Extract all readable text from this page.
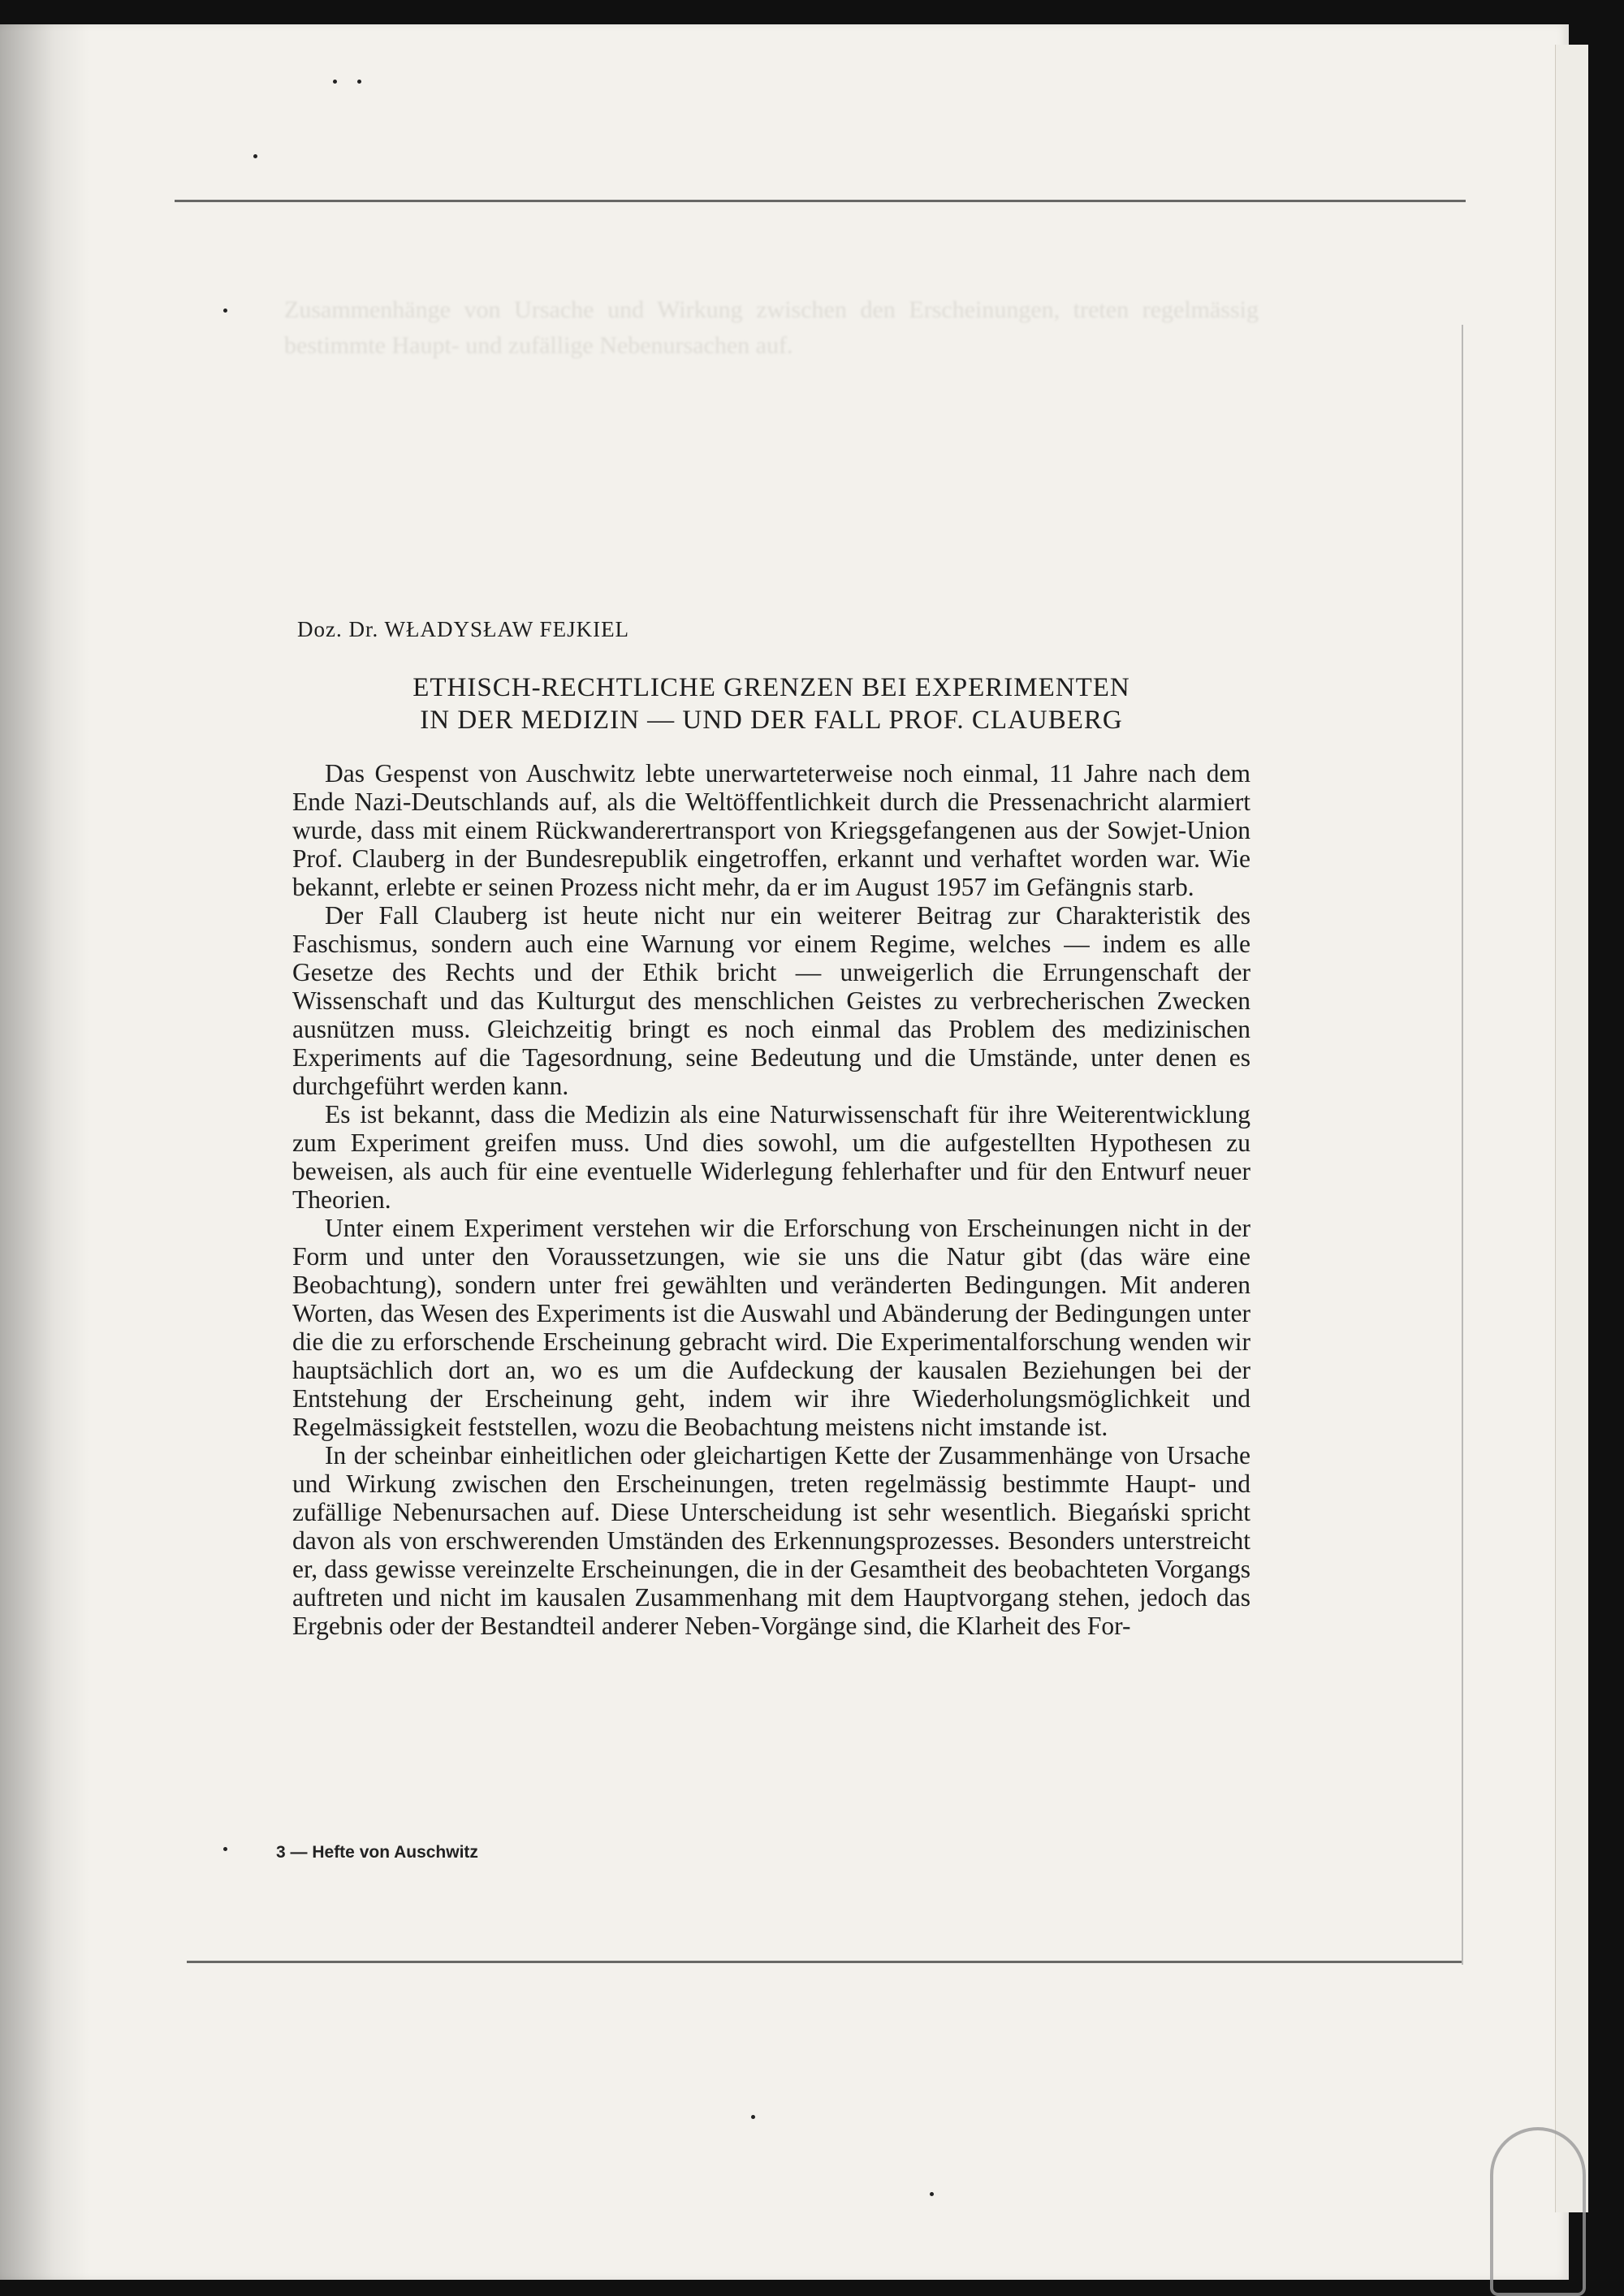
Zusammenhänge von Ursache und Wirkung zwischen den Erscheinungen, treten regelmässig bestimmte Haupt- und zufällige Nebenursachen auf.
Doz. Dr. WŁADYSŁAW FEJKIEL
ETHISCH-RECHTLICHE GRENZEN BEI EXPERIMENTEN
IN DER MEDIZIN — UND DER FALL PROF. CLAUBERG

Das Gespenst von Auschwitz lebte unerwarteterweise noch einmal, 11 Jahre nach dem Ende Nazi-Deutschlands auf, als die Weltöffentlichkeit durch die Pressenachricht alarmiert wurde, dass mit einem Rückwanderertransport von Kriegsgefangenen aus der Sowjet-Union Prof. Clauberg in der Bundesrepublik eingetroffen, erkannt und verhaftet worden war. Wie bekannt, erlebte er seinen Prozess nicht mehr, da er im August 1957 im Gefängnis starb.

Der Fall Clauberg ist heute nicht nur ein weiterer Beitrag zur Charakteristik des Faschismus, sondern auch eine Warnung vor einem Regime, welches — indem es alle Gesetze des Rechts und der Ethik bricht — unweigerlich die Errungenschaft der Wissenschaft und das Kulturgut des menschlichen Geistes zu verbrecherischen Zwecken ausnützen muss. Gleichzeitig bringt es noch einmal das Problem des medizinischen Experiments auf die Tagesordnung, seine Bedeutung und die Umstände, unter denen es durchgeführt werden kann.

Es ist bekannt, dass die Medizin als eine Naturwissenschaft für ihre Weiterentwicklung zum Experiment greifen muss. Und dies sowohl, um die aufgestellten Hypothesen zu beweisen, als auch für eine eventuelle Widerlegung fehlerhafter und für den Entwurf neuer Theorien.

Unter einem Experiment verstehen wir die Erforschung von Erscheinungen nicht in der Form und unter den Voraussetzungen, wie sie uns die Natur gibt (das wäre eine Beobachtung), sondern unter frei gewählten und veränderten Bedingungen. Mit anderen Worten, das Wesen des Experiments ist die Auswahl und Abänderung der Bedingungen unter die die zu erforschende Erscheinung gebracht wird. Die Experimentalforschung wenden wir hauptsächlich dort an, wo es um die Aufdeckung der kausalen Beziehungen bei der Entstehung der Erscheinung geht, indem wir ihre Wiederholungsmöglichkeit und Regelmässigkeit feststellen, wozu die Beobachtung meistens nicht imstande ist.

In der scheinbar einheitlichen oder gleichartigen Kette der Zusammenhänge von Ursache und Wirkung zwischen den Erscheinungen, treten regelmässig bestimmte Haupt- und zufällige Nebenursachen auf. Diese Unterscheidung ist sehr wesentlich. Biegański spricht davon als von erschwerenden Umständen des Erkennungsprozesses. Besonders unterstreicht er, dass gewisse vereinzelte Erscheinungen, die in der Gesamtheit des beobachteten Vorgangs auftreten und nicht im kausalen Zusammenhang mit dem Hauptvorgang stehen, jedoch das Ergebnis oder der Bestandteil anderer Neben-Vorgänge sind, die Klarheit des For-

3 — Hefte von Auschwitz
